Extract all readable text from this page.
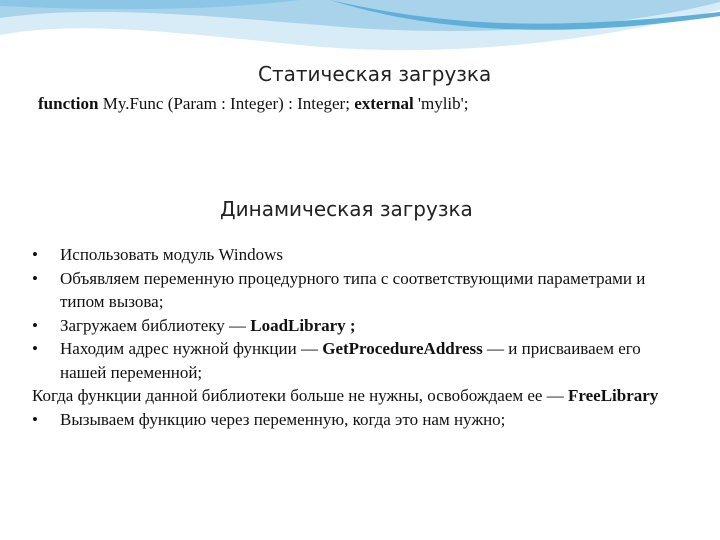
Статическая загрузка
function My.Func (Param : Integer) : Integer; external 'mylib';
Динамическая загрузка
• Использовать модуль Windows
• Объявляем переменную процедурного типа с соответствующими параметрами и типом вызова;
• Загружаем библиотеку — LoadLibrary ;
• Находим адрес нужной функции — GetProcedureAddress — и присваиваем его нашей переменной;
Когда функции данной библиотеки больше не нужны, освобождаем ее — FreeLibrary
• Вызываем функцию через переменную, когда это нам нужно;
